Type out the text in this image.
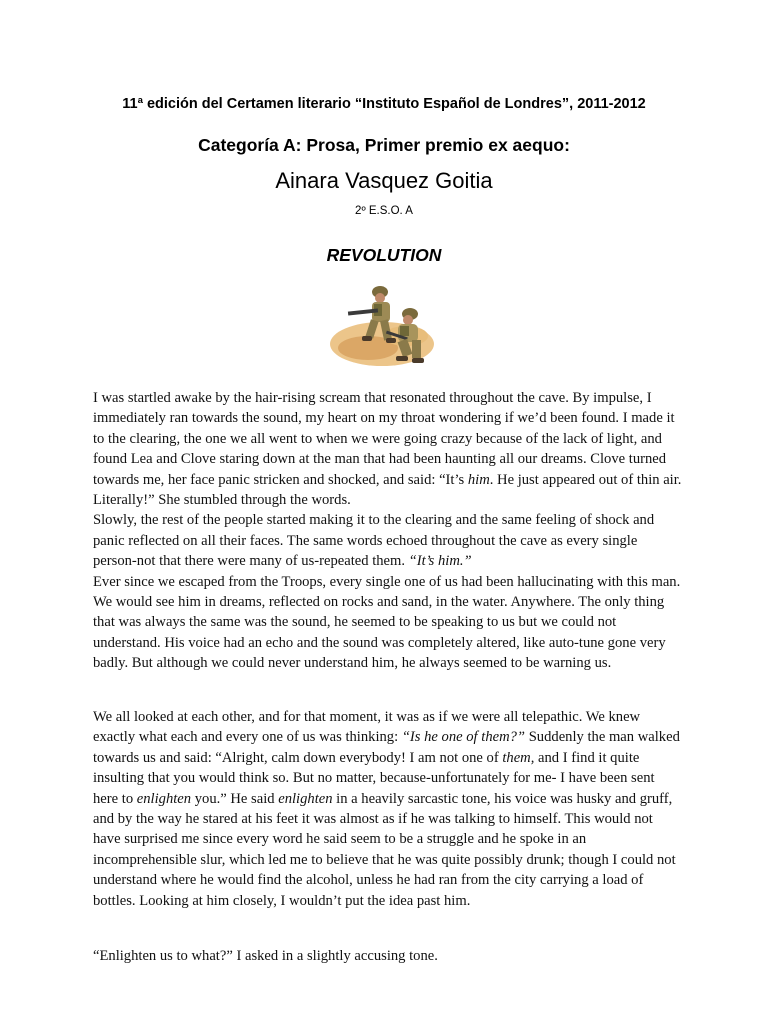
11ª edición del Certamen literario “Instituto Español de Londres”, 2011-2012
Categoría A: Prosa, Primer premio ex aequo:
Ainara Vasquez Goitia
2º E.S.O. A
REVOLUTION

I was startled awake by the hair-rising scream that resonated throughout the cave. By impulse, I immediately ran towards the sound, my heart on my throat wondering if we’d been found. I made it to the clearing, the one we all went to when we were going crazy because of the lack of light, and found Lea and Clove staring down at the man that had been haunting all our dreams. Clove turned towards me, her face panic stricken and shocked, and said: “It’s him. He just appeared out of thin air. Literally!” She stumbled through the words.

Slowly, the rest of the people started making it to the clearing and the same feeling of shock and panic reflected on all their faces. The same words echoed throughout the cave as every single person-not that there were many of us-repeated them. “It’s him.”

Ever since we escaped from the Troops, every single one of us had been hallucinating with this man. We would see him in dreams, reflected on rocks and sand, in the water. Anywhere. The only thing that was always the same was the sound, he seemed to be speaking to us but we could not understand. His voice had an echo and the sound was completely altered, like auto-tune gone very badly. But although we could never understand him, he always seemed to be warning us.

We all looked at each other, and for that moment, it was as if we were all telepathic. We knew exactly what each and every one of us was thinking: “Is he one of them?” Suddenly the man walked towards us and said: “Alright, calm down everybody! I am not one of them, and I find it quite insulting that you would think so. But no matter, because-unfortunately for me- I have been sent here to enlighten you.” He said enlighten in a heavily sarcastic tone, his voice was husky and gruff, and by the way he stared at his feet it was almost as if he was talking to himself. This would not have surprised me since every word he said seem to be a struggle and he spoke in an incomprehensible slur, which led me to believe that he was quite possibly drunk; though I could not understand where he would find the alcohol, unless he had ran from the city carrying a load of bottles. Looking at him closely, I wouldn’t put the idea past him.

“Enlighten us to what?” I asked in a slightly accusing tone.
